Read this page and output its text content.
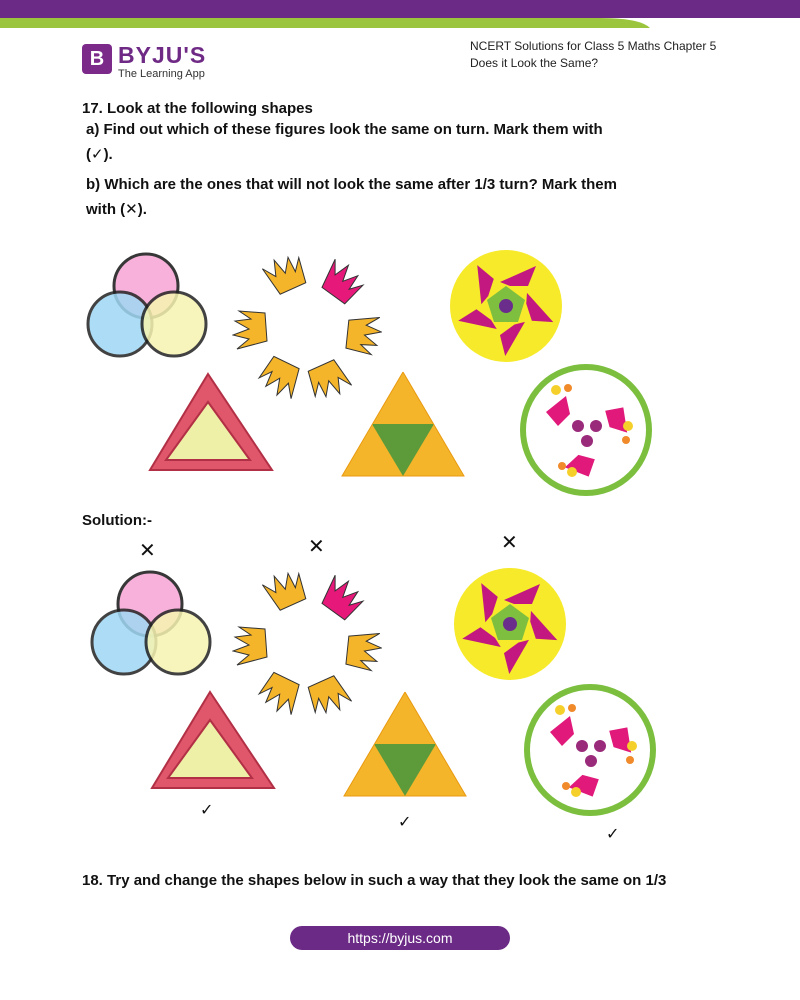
B BYJU'S
The Learning App
NCERT Solutions for Class 5 Maths Chapter 5
Does it Look the Same?
17. Look at the following shapes
a) Find out which of these figures look the same on turn. Mark them with
(✓).
b) Which are the ones that will not look the same after 1/3 turn? Mark them
with (✕).
Solution:-
✕	✕	✕
✓
✓
✓
18. Try and change the shapes below in such a way that they look the same on 1/3
https://byjus.com
